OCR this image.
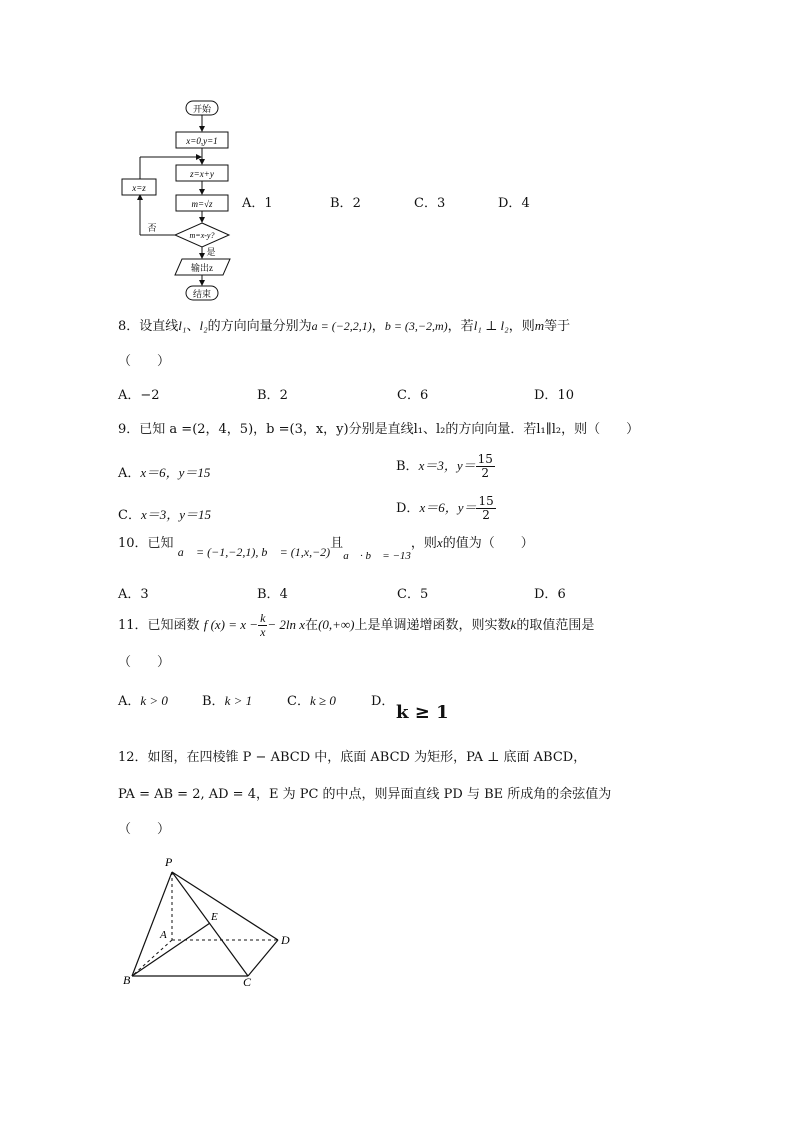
开始
x=0,y=1
z=x+y
m=√z
m=x-y?
否
x=z
是
输出z
结束
A．1	B．2	C．3	D．4
8．设直线l₁、l₂的方向向量分别为a = (−2,2,1)，b = (3,−2,m)，若l₁ ⊥ l₂，则m等于
（　　）
A．−2	B．2	C．6	D．10
9．已知 a =(2，4，5)，b =(3，x，y)分别是直线l₁、l₂的方向向量．若l₁∥l₂，则（　　）
A．x＝6，y＝15	B．x＝3，$y= \frac{15}{2}$
C．x＝3，y＝15	D．x＝6，$y= \frac{15}{2}$
10．已知 a⃗ = (−1,−2,1), b⃗ = (1,x,−2)且$_{a⃗ \cdot b⃗ = -13}$，则x的值为（　　）
A．3	B．4	C．5	D．6
11．已知函数 f $(x) = x - \frac{k}{x} - 2\ln$ x在(0,+∞)上是单调递增函数，则实数k的取值范围是
（　　）
A．k > 0	B．k > 1	C．k ≥ 0	D．
k ≥ 1
12．如图，在四棱锥 P − ABCD 中，底面 ABCD 为矩形，PA ⊥ 底面 ABCD，
PA = AB = 2, AD = 4，E 为 PC 的中点，则异面直线 PD 与 BE 所成角的余弦值为
（　　）
P
A
B	C
D
E
